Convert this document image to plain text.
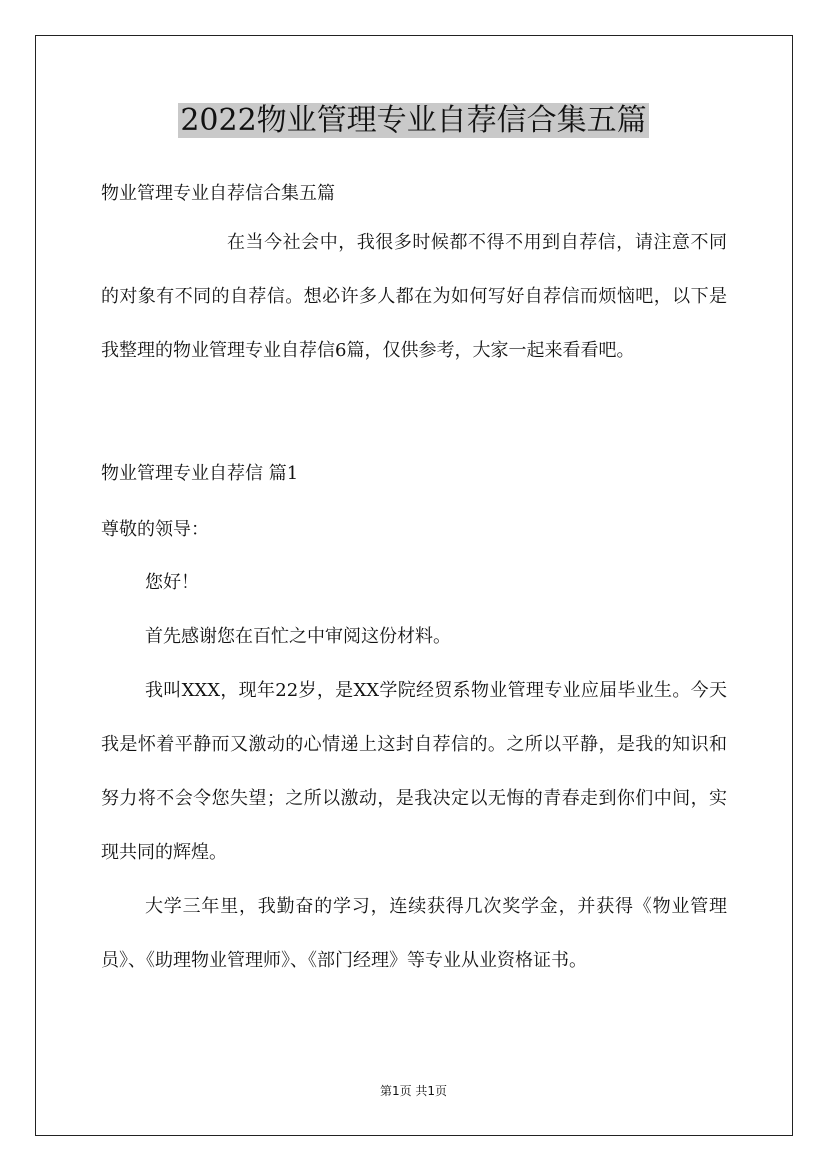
2022物业管理专业自荐信合集五篇

物业管理专业自荐信合集五篇

在当今社会中，我很多时候都不得不用到自荐信，请注意不同的对象有不同的自荐信。想必许多人都在为如何写好自荐信而烦恼吧，以下是我整理的物业管理专业自荐信6篇，仅供参考，大家一起来看看吧。

物业管理专业自荐信 篇1

尊敬的领导：

您好！

首先感谢您在百忙之中审阅这份材料。

我叫XXX，现年22岁，是XX学院经贸系物业管理专业应届毕业生。今天我是怀着平静而又激动的心情递上这封自荐信的。之所以平静，是我的知识和努力将不会令您失望；之所以激动，是我决定以无悔的青春走到你们中间，实现共同的辉煌。

大学三年里，我勤奋的学习，连续获得几次奖学金，并获得《物业管理员》、《助理物业管理师》、《部门经理》等专业从业资格证书。

第1页 共1页
